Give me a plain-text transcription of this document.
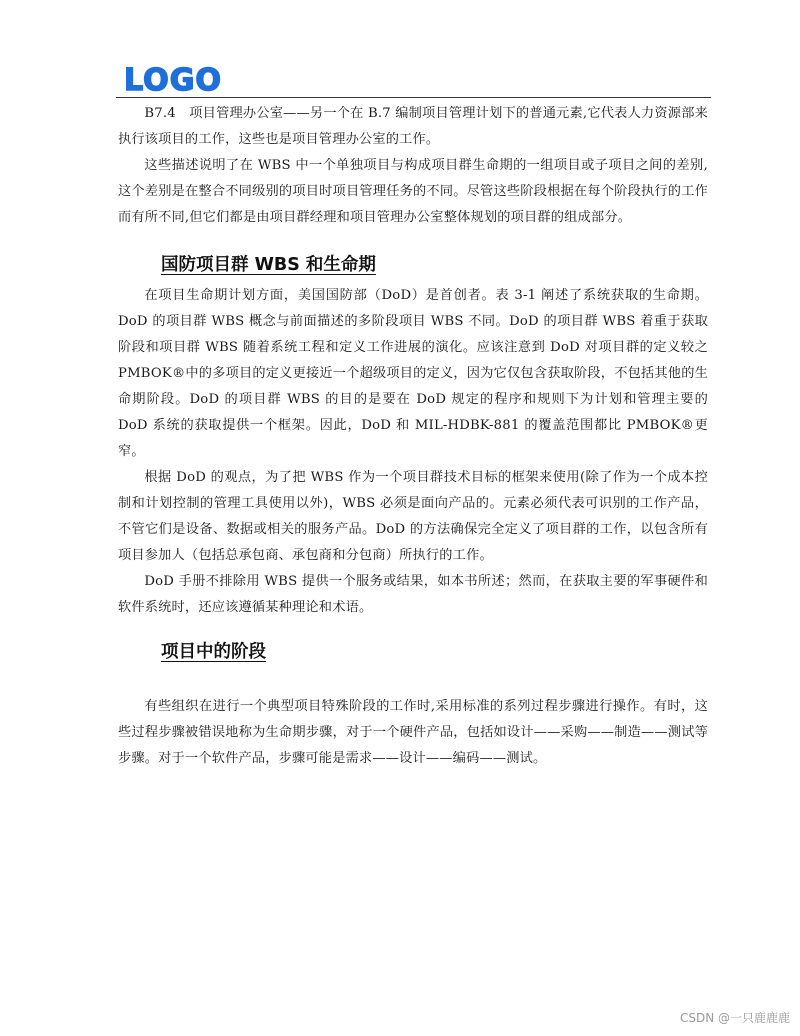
LOGO

B7.4　项目管理办公室——另一个在 B.7 编制项目管理计划下的普通元素,它代表人力资源部来执行该项目的工作，这些也是项目管理办公室的工作。

这些描述说明了在 WBS 中一个单独项目与构成项目群生命期的一组项目或子项目之间的差别,这个差别是在整合不同级别的项目时项目管理任务的不同。尽管这些阶段根据在每个阶段执行的工作而有所不同,但它们都是由项目群经理和项目管理办公室整体规划的项目群的组成部分。

国防项目群 WBS 和生命期

在项目生命期计划方面，美国国防部（DoD）是首创者。表 3-1 阐述了系统获取的生命期。DoD 的项目群 WBS 概念与前面描述的多阶段项目 WBS 不同。DoD 的项目群 WBS 着重于获取阶段和项目群 WBS 随着系统工程和定义工作进展的演化。应该注意到 DoD 对项目群的定义较之 PMBOK®中的多项目的定义更接近一个超级项目的定义，因为它仅包含获取阶段，不包括其他的生命期阶段。DoD 的项目群 WBS 的目的是要在 DoD 规定的程序和规则下为计划和管理主要的 DoD 系统的获取提供一个框架。因此，DoD 和 MIL-HDBK-881 的覆盖范围都比 PMBOK®更窄。

根据 DoD 的观点，为了把 WBS 作为一个项目群技术目标的框架来使用(除了作为一个成本控制和计划控制的管理工具使用以外)，WBS 必须是面向产品的。元素必须代表可识别的工作产品，不管它们是设备、数据或相关的服务产品。DoD 的方法确保完全定义了项目群的工作，以包含所有项目参加人（包括总承包商、承包商和分包商）所执行的工作。

DoD 手册不排除用 WBS 提供一个服务或结果，如本书所述；然而，在获取主要的军事硬件和软件系统时，还应该遵循某种理论和术语。

项目中的阶段

有些组织在进行一个典型项目特殊阶段的工作时,采用标准的系列过程步骤进行操作。有时，这些过程步骤被错误地称为生命期步骤，对于一个硬件产品，包括如设计——采购——制造——测试等步骤。对于一个软件产品，步骤可能是需求——设计——编码——测试。

CSDN @一只鹿鹿鹿
